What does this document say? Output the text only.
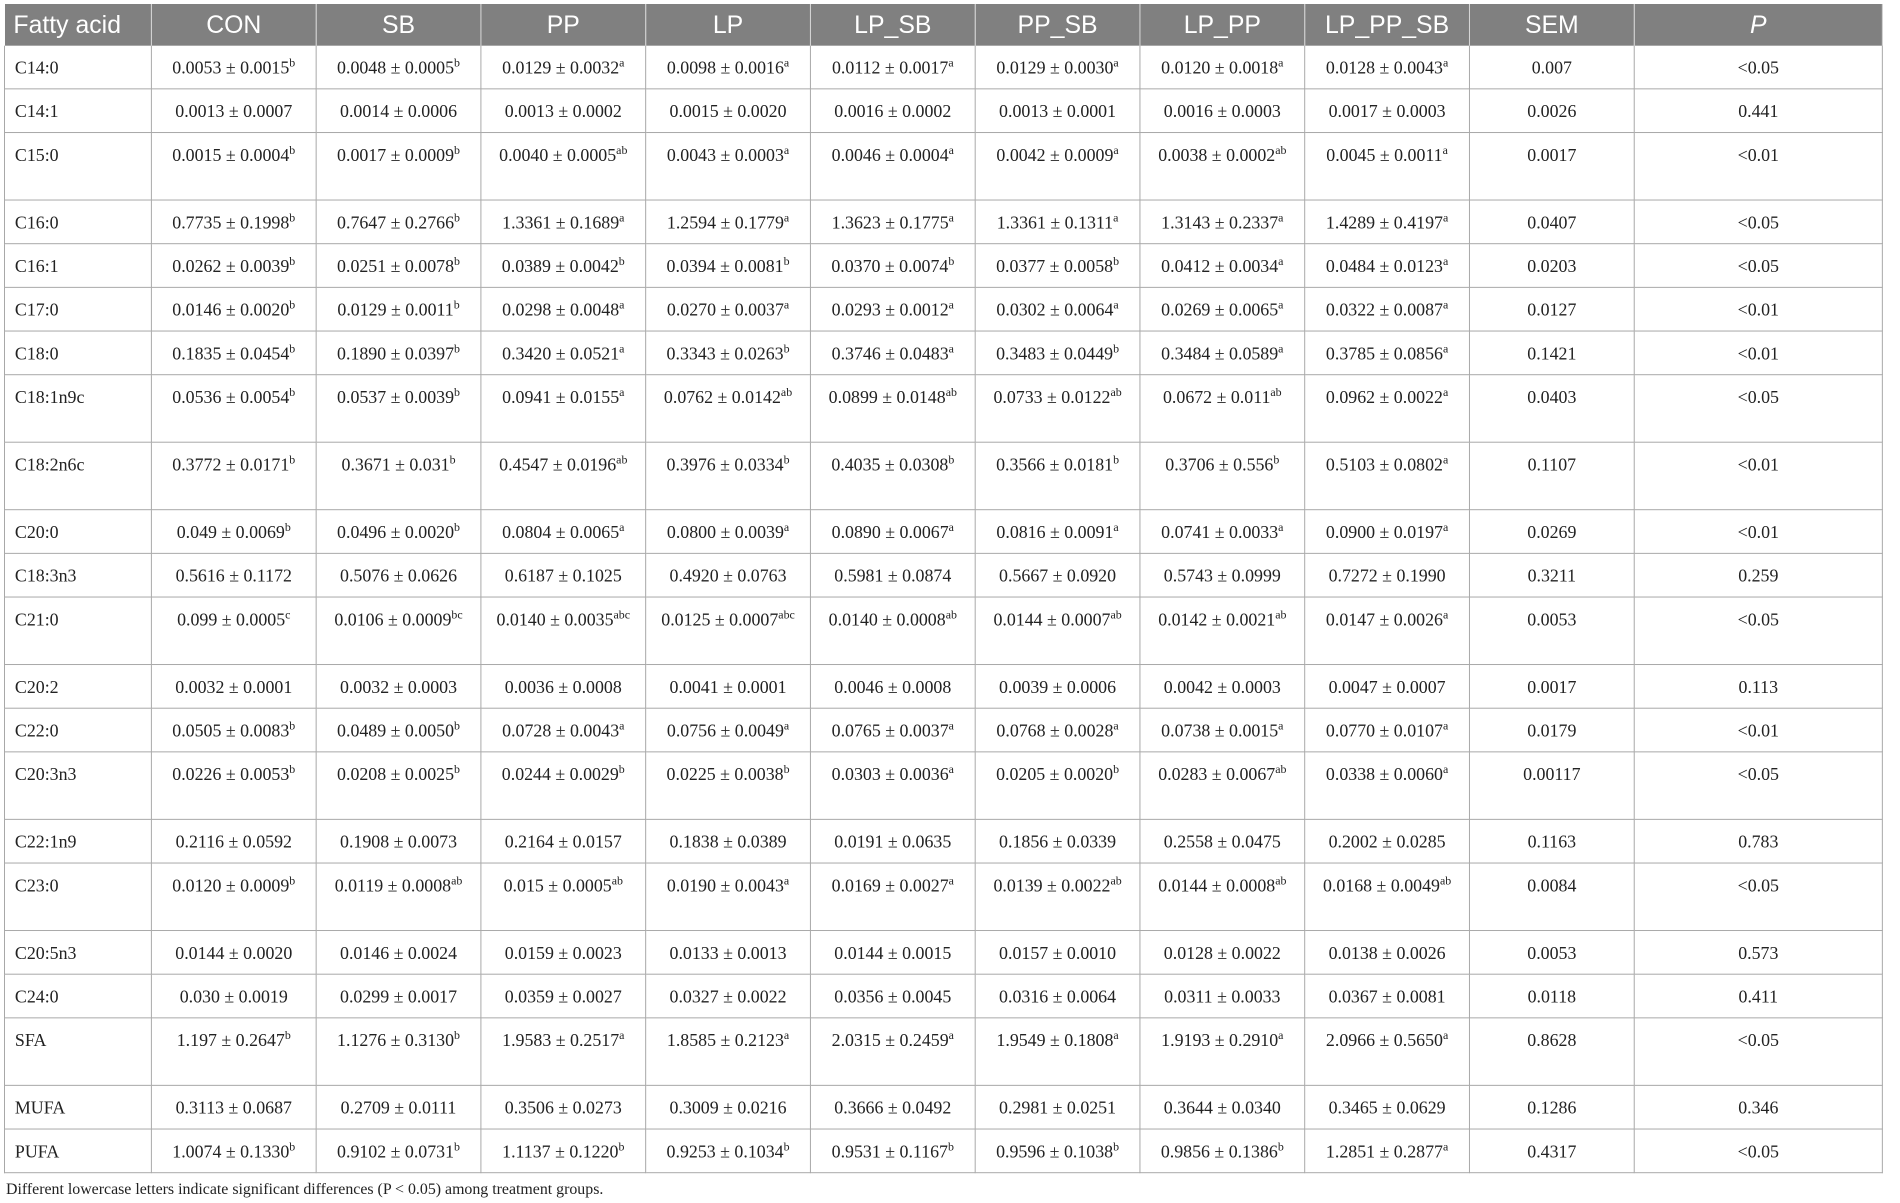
Fatty acid	CON	SB	PP	LP	LP_SB	PP_SB	LP_PP	LP_PP_SB	SEM	P
C14:0	0.0053 ± 0.0015$^b$	0.0048 ± 0.0005$^b$	0.0129 ± 0.0032$^a$	0.0098 ± 0.0016$^a$	0.0112 ± 0.0017$^a$	0.0129 ± 0.0030$^a$	0.0120 ± 0.0018$^a$	0.0128 ± 0.0043$^a$	0.007	<0.05
C14:1	0.0013 ± 0.0007	0.0014 ± 0.0006	0.0013 ± 0.0002	0.0015 ± 0.0020	0.0016 ± 0.0002	0.0013 ± 0.0001	0.0016 ± 0.0003	0.0017 ± 0.0003	0.0026	0.441
C15:0	0.0015 ± 0.0004$^b$	0.0017 ± 0.0009$^b$	0.0040 ± 0.0005$^{ab}$	0.0043 ± 0.0003$^a$	0.0046 ± 0.0004$^a$	0.0042 ± 0.0009$^a$	0.0038 ± 0.0002$^{ab}$	0.0045 ± 0.0011$^a$	0.0017	<0.01
C16:0	0.7735 ± 0.1998$^b$	0.7647 ± 0.2766$^b$	1.3361 ± 0.1689$^a$	1.2594 ± 0.1779$^a$	1.3623 ± 0.1775$^a$	1.3361 ± 0.1311$^a$	1.3143 ± 0.2337$^a$	1.4289 ± 0.4197$^a$	0.0407	<0.05
C16:1	0.0262 ± 0.0039$^b$	0.0251 ± 0.0078$^b$	0.0389 ± 0.0042$^b$	0.0394 ± 0.0081$^b$	0.0370 ± 0.0074$^b$	0.0377 ± 0.0058$^b$	0.0412 ± 0.0034$^a$	0.0484 ± 0.0123$^a$	0.0203	<0.05
C17:0	0.0146 ± 0.0020$^b$	0.0129 ± 0.0011$^b$	0.0298 ± 0.0048$^a$	0.0270 ± 0.0037$^a$	0.0293 ± 0.0012$^a$	0.0302 ± 0.0064$^a$	0.0269 ± 0.0065$^a$	0.0322 ± 0.0087$^a$	0.0127	<0.01
C18:0	0.1835 ± 0.0454$^b$	0.1890 ± 0.0397$^b$	0.3420 ± 0.0521$^a$	0.3343 ± 0.0263$^b$	0.3746 ± 0.0483$^a$	0.3483 ± 0.0449$^b$	0.3484 ± 0.0589$^a$	0.3785 ± 0.0856$^a$	0.1421	<0.01
C18:1n9c	0.0536 ± 0.0054$^b$	0.0537 ± 0.0039$^b$	0.0941 ± 0.0155$^a$	0.0762 ± 0.0142$^{ab}$	0.0899 ± 0.0148$^{ab}$	0.0733 ± 0.0122$^{ab}$	0.0672 ± 0.011$^{ab}$	0.0962 ± 0.0022$^a$	0.0403	<0.05
C18:2n6c	0.3772 ± 0.0171$^b$	0.3671 ± 0.031$^b$	0.4547 ± 0.0196$^{ab}$	0.3976 ± 0.0334$^b$	0.4035 ± 0.0308$^b$	0.3566 ± 0.0181$^b$	0.3706 ± 0.556$^b$	0.5103 ± 0.0802$^a$	0.1107	<0.01
C20:0	0.049 ± 0.0069$^b$	0.0496 ± 0.0020$^b$	0.0804 ± 0.0065$^a$	0.0800 ± 0.0039$^a$	0.0890 ± 0.0067$^a$	0.0816 ± 0.0091$^a$	0.0741 ± 0.0033$^a$	0.0900 ± 0.0197$^a$	0.0269	<0.01
C18:3n3	0.5616 ± 0.1172	0.5076 ± 0.0626	0.6187 ± 0.1025	0.4920 ± 0.0763	0.5981 ± 0.0874	0.5667 ± 0.0920	0.5743 ± 0.0999	0.7272 ± 0.1990	0.3211	0.259
C21:0	0.099 ± 0.0005$^c$	0.0106 ± 0.0009$^{bc}$	0.0140 ± 0.0035$^{abc}$	0.0125 ± 0.0007$^{abc}$	0.0140 ± 0.0008$^{ab}$	0.0144 ± 0.0007$^{ab}$	0.0142 ± 0.0021$^{ab}$	0.0147 ± 0.0026$^a$	0.0053	<0.05
C20:2	0.0032 ± 0.0001	0.0032 ± 0.0003	0.0036 ± 0.0008	0.0041 ± 0.0001	0.0046 ± 0.0008	0.0039 ± 0.0006	0.0042 ± 0.0003	0.0047 ± 0.0007	0.0017	0.113
C22:0	0.0505 ± 0.0083$^b$	0.0489 ± 0.0050$^b$	0.0728 ± 0.0043$^a$	0.0756 ± 0.0049$^a$	0.0765 ± 0.0037$^a$	0.0768 ± 0.0028$^a$	0.0738 ± 0.0015$^a$	0.0770 ± 0.0107$^a$	0.0179	<0.01
C20:3n3	0.0226 ± 0.0053$^b$	0.0208 ± 0.0025$^b$	0.0244 ± 0.0029$^b$	0.0225 ± 0.0038$^b$	0.0303 ± 0.0036$^a$	0.0205 ± 0.0020$^b$	0.0283 ± 0.0067$^{ab}$	0.0338 ± 0.0060$^a$	0.00117	<0.05
C22:1n9	0.2116 ± 0.0592	0.1908 ± 0.0073	0.2164 ± 0.0157	0.1838 ± 0.0389	0.0191 ± 0.0635	0.1856 ± 0.0339	0.2558 ± 0.0475	0.2002 ± 0.0285	0.1163	0.783
C23:0	0.0120 ± 0.0009$^b$	0.0119 ± 0.0008$^{ab}$	0.015 ± 0.0005$^{ab}$	0.0190 ± 0.0043$^a$	0.0169 ± 0.0027$^a$	0.0139 ± 0.0022$^{ab}$	0.0144 ± 0.0008$^{ab}$	0.0168 ± 0.0049$^{ab}$	0.0084	<0.05
C20:5n3	0.0144 ± 0.0020	0.0146 ± 0.0024	0.0159 ± 0.0023	0.0133 ± 0.0013	0.0144 ± 0.0015	0.0157 ± 0.0010	0.0128 ± 0.0022	0.0138 ± 0.0026	0.0053	0.573
C24:0	0.030 ± 0.0019	0.0299 ± 0.0017	0.0359 ± 0.0027	0.0327 ± 0.0022	0.0356 ± 0.0045	0.0316 ± 0.0064	0.0311 ± 0.0033	0.0367 ± 0.0081	0.0118	0.411
SFA	1.197 ± 0.2647$^b$	1.1276 ± 0.3130$^b$	1.9583 ± 0.2517$^a$	1.8585 ± 0.2123$^a$	2.0315 ± 0.2459$^a$	1.9549 ± 0.1808$^a$	1.9193 ± 0.2910$^a$	2.0966 ± 0.5650$^a$	0.8628	<0.05
MUFA	0.3113 ± 0.0687	0.2709 ± 0.0111	0.3506 ± 0.0273	0.3009 ± 0.0216	0.3666 ± 0.0492	0.2981 ± 0.0251	0.3644 ± 0.0340	0.3465 ± 0.0629	0.1286	0.346
PUFA	1.0074 ± 0.1330$^b$	0.9102 ± 0.0731$^b$	1.1137 ± 0.1220$^b$	0.9253 ± 0.1034$^b$	0.9531 ± 0.1167$^b$	0.9596 ± 0.1038$^b$	0.9856 ± 0.1386$^b$	1.2851 ± 0.2877$^a$	0.4317	<0.05
Different lowercase letters indicate significant differences (P < 0.05) among treatment groups.
